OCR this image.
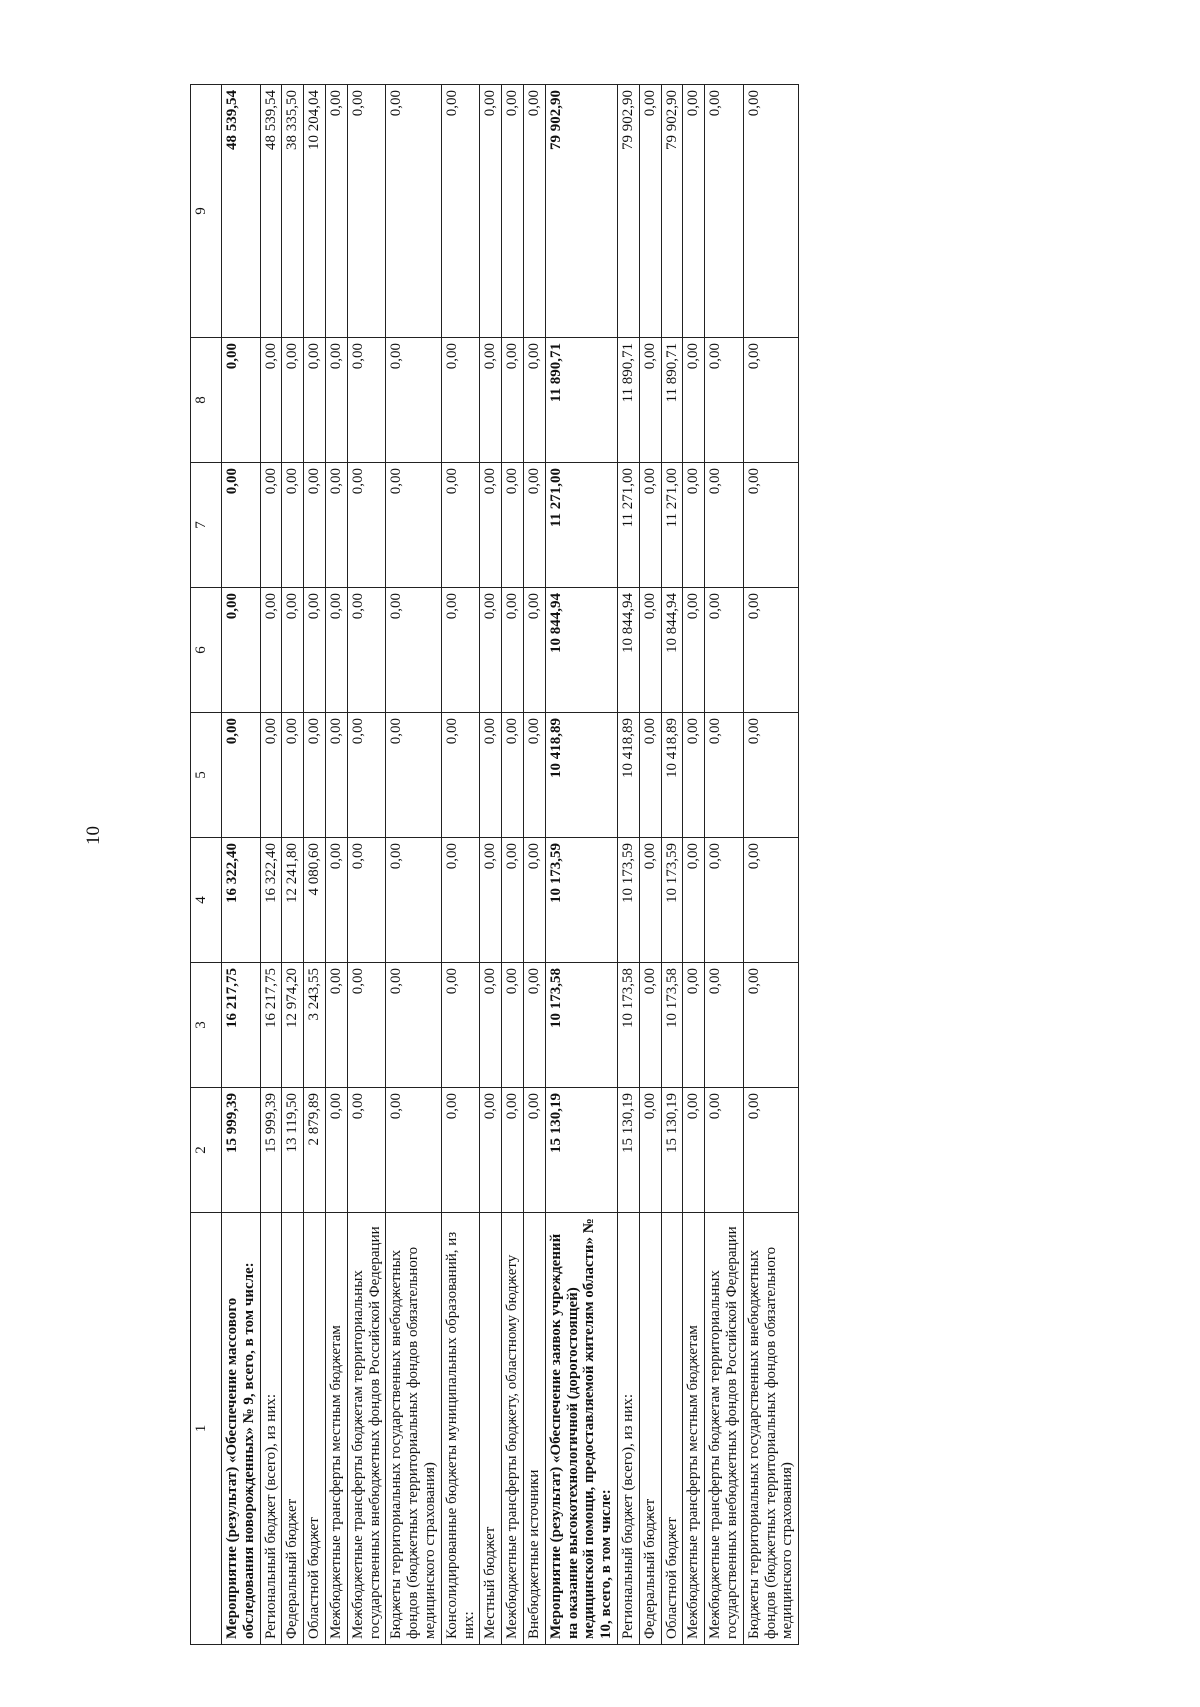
10
1	2	3	4	5	6	7	8	9
Мероприятие (результат) «Обеспечение массового обследования новорожденных» № 9, всего, в том числе:	15 999,39	16 217,75	16 322,40	0,00	0,00	0,00	0,00	48 539,54
Региональный бюджет (всего), из них:	15 999,39	16 217,75	16 322,40	0,00	0,00	0,00	0,00	48 539,54
Федеральный бюджет	13 119,50	12 974,20	12 241,80	0,00	0,00	0,00	0,00	38 335,50
Областной бюджет	2 879,89	3 243,55	4 080,60	0,00	0,00	0,00	0,00	10 204,04
Межбюджетные трансферты местным бюджетам	0,00	0,00	0,00	0,00	0,00	0,00	0,00	0,00
Межбюджетные трансферты бюджетам территориальных государственных внебюджетных фондов Российской Федерации	0,00	0,00	0,00	0,00	0,00	0,00	0,00	0,00
Бюджеты территориальных государственных внебюджетных фондов (бюджетных территориальных фондов обязательного медицинского страхования)	0,00	0,00	0,00	0,00	0,00	0,00	0,00	0,00
Консолидированные бюджеты муниципальных образований, из них:	0,00	0,00	0,00	0,00	0,00	0,00	0,00	0,00
Местный бюджет	0,00	0,00	0,00	0,00	0,00	0,00	0,00	0,00
Межбюджетные трансферты бюджету, областному бюджету	0,00	0,00	0,00	0,00	0,00	0,00	0,00	0,00
Внебюджетные источники	0,00	0,00	0,00	0,00	0,00	0,00	0,00	0,00
Мероприятие (результат) «Обеспечение заявок учреждений на оказание высокотехнологичной (дорогостоящей) медицинской помощи, предоставляемой жителям области» № 10, всего, в том числе:	15 130,19	10 173,58	10 173,59	10 418,89	10 844,94	11 271,00	11 890,71	79 902,90
Региональный бюджет (всего), из них:	15 130,19	10 173,58	10 173,59	10 418,89	10 844,94	11 271,00	11 890,71	79 902,90
Федеральный бюджет	0,00	0,00	0,00	0,00	0,00	0,00	0,00	0,00
Областной бюджет	15 130,19	10 173,58	10 173,59	10 418,89	10 844,94	11 271,00	11 890,71	79 902,90
Межбюджетные трансферты местным бюджетам	0,00	0,00	0,00	0,00	0,00	0,00	0,00	0,00
Межбюджетные трансферты бюджетам территориальных государственных внебюджетных фондов Российской Федерации	0,00	0,00	0,00	0,00	0,00	0,00	0,00	0,00
Бюджеты территориальных государственных внебюджетных фондов (бюджетных территориальных фондов обязательного медицинского страхования)	0,00	0,00	0,00	0,00	0,00	0,00	0,00	0,00
